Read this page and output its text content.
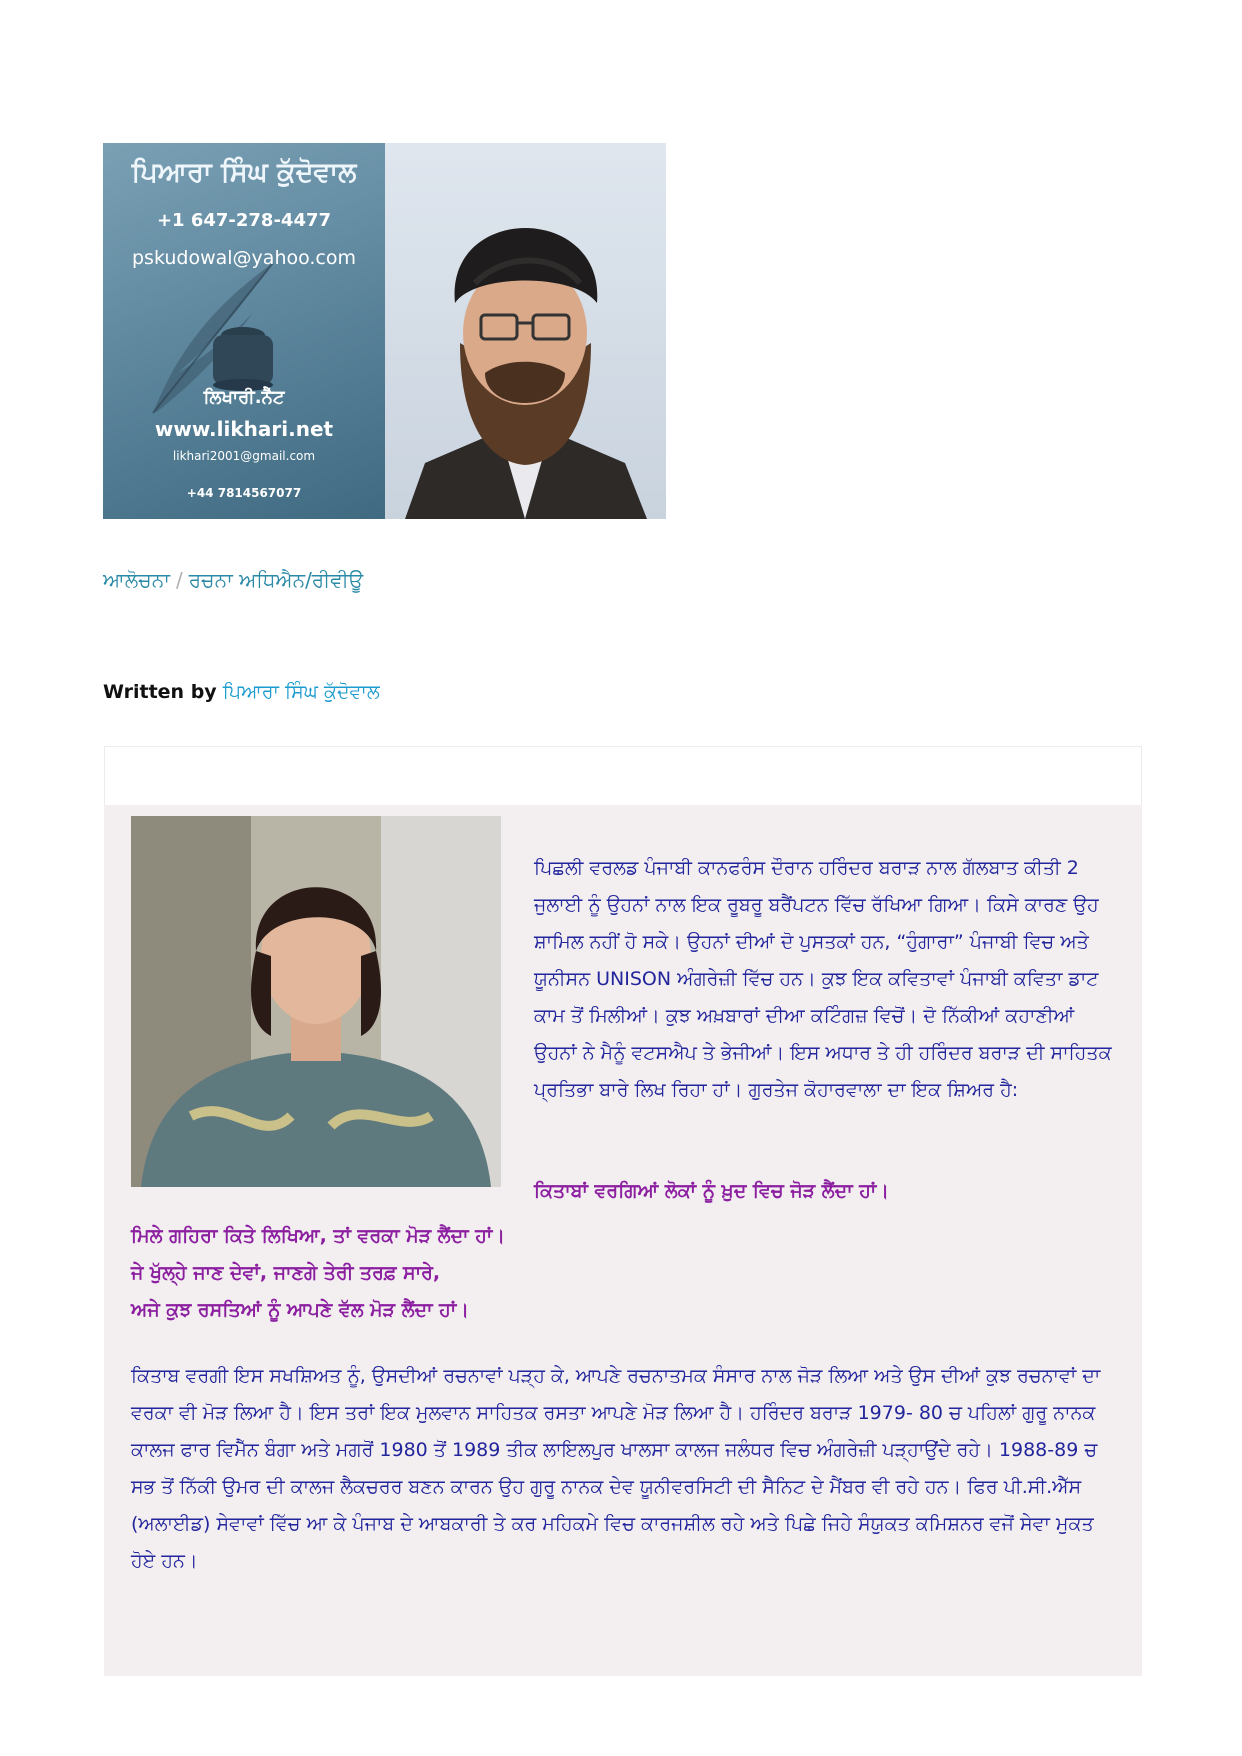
ਪਿਆਰਾ ਸਿੰਘ ਕੁੱਦੋਵਾਲ
+1 647-278-4477
pskudowal@yahoo.com
ਲਿਖਾਰੀ.ਨੈੱਟ
www.likhari.net
likhari2001@gmail.com
+44 7814567077
ਆਲੋਚਨਾ / ਰਚਨਾ ਅਧਿਐਨ/ਰੀਵੀਊ
Written by ਪਿਆਰਾ ਸਿੰਘ ਕੁੱਦੋਵਾਲ
ਪਿਛਲੀ ਵਰਲਡ ਪੰਜਾਬੀ ਕਾਨਫਰੰਸ ਦੌਰਾਨ ਹਰਿੰਦਰ ਬਰਾੜ ਨਾਲ ਗੱਲਬਾਤ ਕੀਤੀ 2 ਜੁਲਾਈ ਨੂੰ ਉਹਨਾਂ ਨਾਲ ਇਕ ਰੂਬਰੂ ਬਰੈਂਪਟਨ ਵਿੱਚ ਰੱਖਿਆ ਗਿਆ। ਕਿਸੇ ਕਾਰਣ ਉਹ ਸ਼ਾਮਿਲ ਨਹੀਂ ਹੋ ਸਕੇ। ਉਹਨਾਂ ਦੀਆਂ ਦੋ ਪੁਸਤਕਾਂ ਹਨ, “ਹੁੰਗਾਰਾ” ਪੰਜਾਬੀ ਵਿਚ ਅਤੇ ਯੂਨੀਸਨ UNISON ਅੰਗਰੇਜ਼ੀ ਵਿੱਚ ਹਨ। ਕੁਝ ਇਕ ਕਵਿਤਾਵਾਂ ਪੰਜਾਬੀ ਕਵਿਤਾ ਡਾਟ ਕਾਮ ਤੋਂ ਮਿਲੀਆਂ। ਕੁਝ ਅਖ਼ਬਾਰਾਂ ਦੀਆ ਕਟਿੰਗਜ਼ ਵਿਚੋਂ। ਦੋ ਨਿੱਕੀਆਂ ਕਹਾਣੀਆਂ ਉਹਨਾਂ ਨੇ ਮੈਨੂੰ ਵਟਸਐਪ ਤੇ ਭੇਜੀਆਂ। ਇਸ ਅਧਾਰ ਤੇ ਹੀ ਹਰਿੰਦਰ ਬਰਾੜ ਦੀ ਸਾਹਿਤਕ ਪ੍ਰਤਿਭਾ ਬਾਰੇ ਲਿਖ ਰਿਹਾ ਹਾਂ। ਗੁਰਤੇਜ ਕੋਹਾਰਵਾਲਾ ਦਾ ਇਕ ਸ਼ਿਅਰ ਹੈ:
ਕਿਤਾਬਾਂ ਵਰਗਿਆਂ ਲੋਕਾਂ ਨੂੰ ਖ਼ੁਦ ਵਿਚ ਜੋੜ ਲੈਂਦਾ ਹਾਂ।
ਮਿਲੇ ਗਹਿਰਾ ਕਿਤੇ ਲਿਖਿਆ, ਤਾਂ ਵਰਕਾ ਮੋੜ ਲੈਂਦਾ ਹਾਂ।
ਜੇ ਖੁੱਲ੍ਹੇ ਜਾਣ ਦੇਵਾਂ, ਜਾਣਗੇ ਤੇਰੀ ਤਰਫ਼ ਸਾਰੇ,
ਅਜੇ ਕੁਝ ਰਸਤਿਆਂ ਨੂੰ ਆਪਣੇ ਵੱਲ ਮੋੜ ਲੈਂਦਾ ਹਾਂ।
ਕਿਤਾਬ ਵਰਗੀ ਇਸ ਸਖਸ਼ਿਅਤ ਨੂੰ, ਉਸਦੀਆਂ ਰਚਨਾਵਾਂ ਪੜ੍ਹ ਕੇ, ਆਪਣੇ ਰਚਨਾਤਮਕ ਸੰਸਾਰ ਨਾਲ ਜੋੜ ਲਿਆ ਅਤੇ ਉਸ ਦੀਆਂ ਕੁਝ ਰਚਨਾਵਾਂ ਦਾ ਵਰਕਾ ਵੀ ਮੋੜ ਲਿਆ ਹੈ। ਇਸ ਤਰਾਂ ਇਕ ਮੁਲਵਾਨ ਸਾਹਿਤਕ ਰਸਤਾ ਆਪਣੇ ਮੋੜ ਲਿਆ ਹੈ। ਹਰਿੰਦਰ ਬਰਾੜ 1979- 80 ਚ ਪਹਿਲਾਂ ਗੁਰੂ ਨਾਨਕ ਕਾਲਜ ਫਾਰ ਵਿਮੈੱਨ ਬੰਗਾ ਅਤੇ ਮਗਰੋਂ 1980 ਤੋਂ 1989 ਤੀਕ ਲਾਇਲਪੁਰ ਖਾਲਸਾ ਕਾਲਜ ਜਲੰਧਰ ਵਿਚ ਅੰਗਰੇਜ਼ੀ ਪੜ੍ਹਾਉਂਦੇ ਰਹੇ। 1988-89 ਚ ਸਭ ਤੋਂ ਨਿੱਕੀ ਉਮਰ ਦੀ ਕਾਲਜ ਲੈਕਚਰਰ ਬਣਨ ਕਾਰਨ ਉਹ ਗੁਰੂ ਨਾਨਕ ਦੇਵ ਯੂਨੀਵਰਸਿਟੀ ਦੀ ਸੈਨਿਟ ਦੇ ਮੈਂਬਰ ਵੀ ਰਹੇ ਹਨ। ਫਿਰ ਪੀ.ਸੀ.ਐੱਸ (ਅਲਾਈਡ) ਸੇਵਾਵਾਂ ਵਿੱਚ ਆ ਕੇ ਪੰਜਾਬ ਦੇ ਆਬਕਾਰੀ ਤੇ ਕਰ ਮਹਿਕਮੇ ਵਿਚ ਕਾਰਜਸ਼ੀਲ ਰਹੇ ਅਤੇ ਪਿਛੇ ਜਿਹੇ ਸੰਯੁਕਤ ਕਮਿਸ਼ਨਰ ਵਜੋਂ ਸੇਵਾ ਮੁਕਤ ਹੋਏ ਹਨ।
